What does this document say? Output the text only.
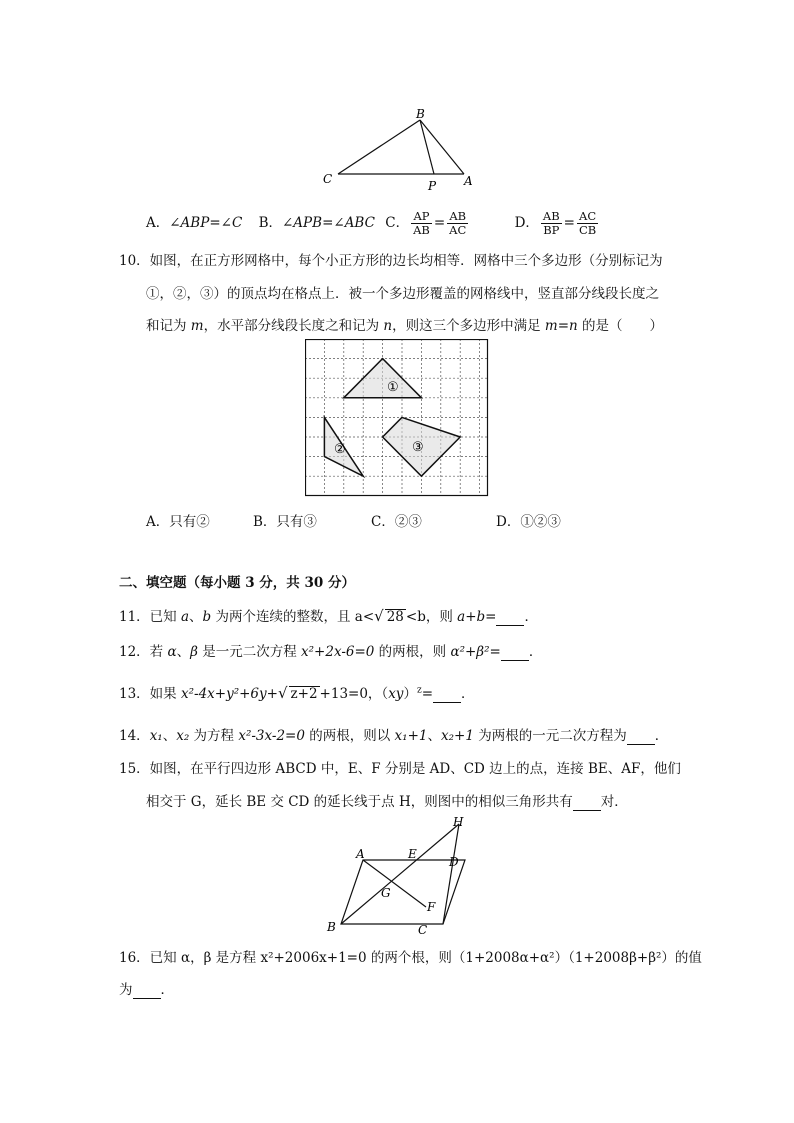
B
C	P A
A．∠ABP=∠C B．∠APB=∠ABC C． $\frac{AP}{AB} = \frac{AB}{AC}$	D． $\frac{AB}{BP} = \frac{AC}{CB}$
10．如图，在正方形网格中，每个小正方形的边长均相等．网格中三个多边形（分别标记为
①，②，③）的顶点均在格点上．被一个多边形覆盖的网格线中，竖直部分线段长度之
和记为 m，水平部分线段长度之和记为 n，则这三个多边形中满足 m=n 的是（　　）
①
②	③
A．只有②	B．只有③	C．②③	D．①②③
二、填空题（每小题 3 分，共 30 分）
11．已知 a、b 为两个连续的整数，且 a<√ 28 <b，则 a+b= ．
12．若 α、β 是一元二次方程 x²+2x-6=0 的两根，则 α²+β²= ．
13．如果 x²-4x+y²+6y+√ z+2 +13=0，（xy）$^z$= ．
14．x₁、x₂ 为方程 x²-3x-2=0 的两根，则以 x₁+1、x₂+1 为两根的一元二次方程为 ．
15．如图，在平行四边形 ABCD 中，E、F 分别是 AD、CD 边上的点，连接 BE、AF，他们
相交于 G，延长 BE 交 CD 的延长线于点 H，则图中的相似三角形共有 对．
H
A	E
D
G
F
B	C
16．已知 α，β 是方程 x²+2006x+1=0 的两个根，则（1+2008α+α²）（1+2008β+β²）的值
为 ．
